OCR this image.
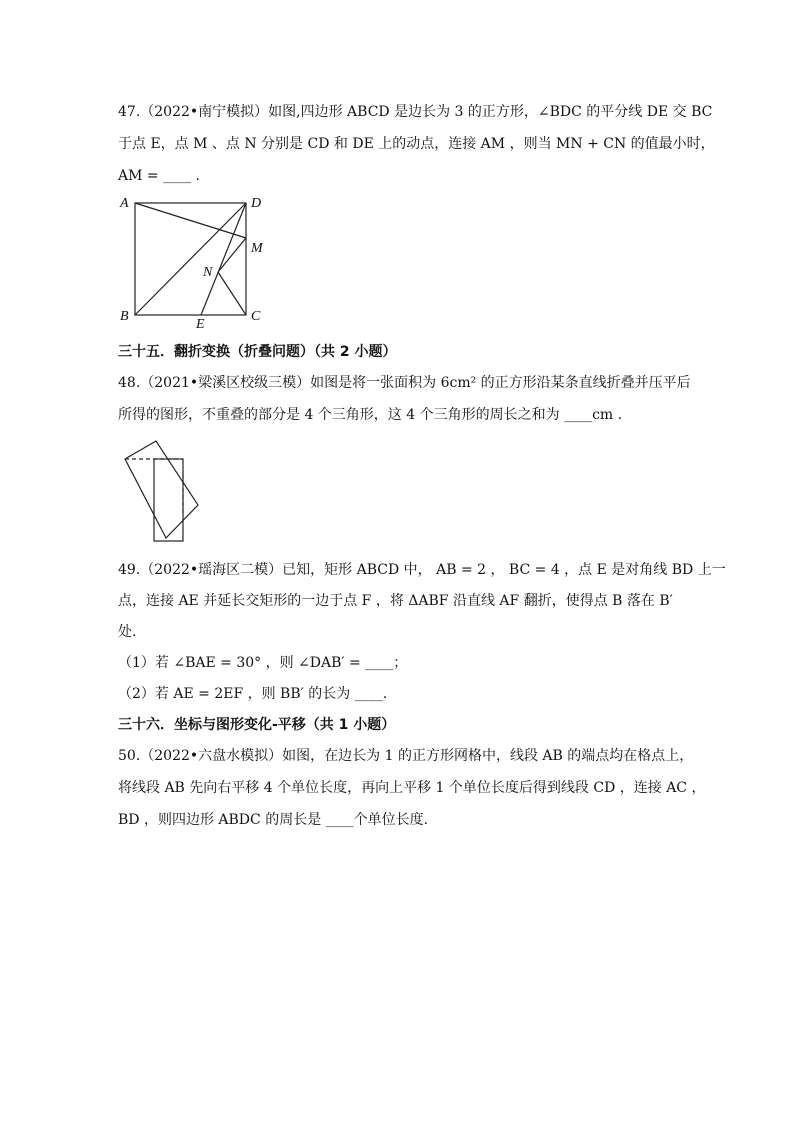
47.（2022•南宁模拟）如图,四边形 ABCD 是边长为 3 的正方形，∠BDC 的平分线 DE 交 BC
于点 E，点 M 、点 N 分别是 CD 和 DE 上的动点，连接 AM ，则当 MN + CN 的值最小时，
AM = ____ .
A	D
M
N
B
E
C
三十五．翻折变换（折叠问题）（共 2 小题）
48.（2021•梁溪区校级三模）如图是将一张面积为 6cm² 的正方形沿某条直线折叠并压平后
所得的图形，不重叠的部分是 4 个三角形，这 4 个三角形的周长之和为 ____cm .
49.（2022•瑶海区二模）已知，矩形 ABCD 中， AB = 2 ， BC = 4 ，点 E 是对角线 BD 上一
点，连接 AE 并延长交矩形的一边于点 F ，将 ΔABF 沿直线 AF 翻折，使得点 B 落在 B′
处.
（1）若 ∠BAE = 30° ，则 ∠DAB′ = ____；
（2）若 AE = 2EF ，则 BB′ 的长为 ____.
三十六．坐标与图形变化-平移（共 1 小题）
50.（2022•六盘水模拟）如图，在边长为 1 的正方形网格中，线段 AB 的端点均在格点上，
将线段 AB 先向右平移 4 个单位长度，再向上平移 1 个单位长度后得到线段 CD ，连接 AC ，
BD ，则四边形 ABDC 的周长是 ____个单位长度.
